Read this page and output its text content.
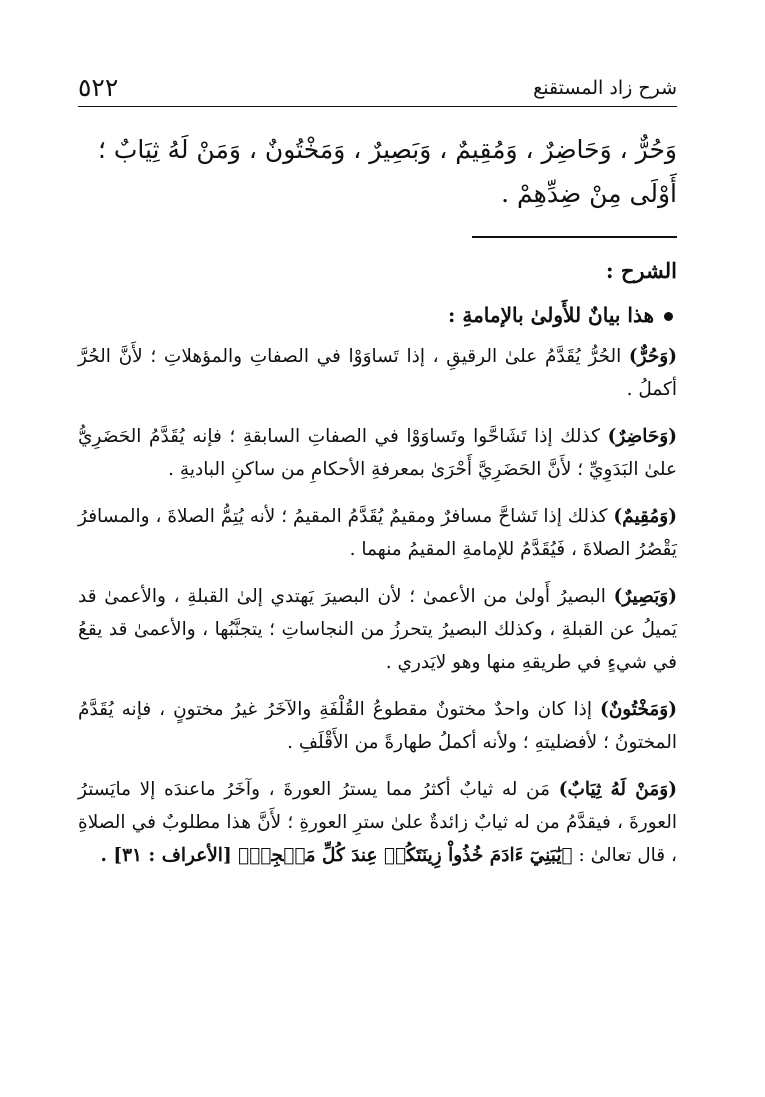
شرح زاد المستقنع
٥٢٢

وَحُرٌّ ، وَحَاضِرٌ ، وَمُقِيمٌ ، وَبَصِيرٌ ، وَمَخْتُونٌ ، وَمَنْ لَهُ ثِيَابٌ ؛
أَوْلَى مِنْ ضِدِّهِمْ .

الشرح :

هذا بيانٌ للأَولىٰ بالإمامةِ :

(وَحُرٌّ) الحُرُّ يُقَدَّمُ علىٰ الرقيقِ ، إذا تَساوَوْا في الصفاتِ والمؤهلاتِ ؛ لأَنَّ الحُرَّ أكملُ .

(وَحَاضِرٌ) كذلك إذا تَشَاحَّوا وتَساوَوْا في الصفاتِ السابقةِ ؛ فإنه يُقَدَّمُ الحَضَرِيُّ علىٰ البَدَوِيِّ ؛ لأَنَّ الحَضَرِيَّ أَحْرَىٰ بمعرفةِ الأحكامِ من ساكنِ الباديةِ .

(وَمُقِيمٌ) كذلك إذا تَشاحَّ مسافرٌ ومقيمٌ يُقَدَّمُ المقيمُ ؛ لأنه يُتِمُّ الصلاةَ ، والمسافرُ يَقْصُرُ الصلاةَ ، فَيُقَدَّمُ للإمامةِ المقيمُ منهما .

(وَبَصِيرٌ) البصيرُ أَولىٰ من الأعمىٰ ؛ لأن البصيرَ يَهتدي إلىٰ القبلةِ ، والأعمىٰ قد يَميلُ عن القبلةِ ، وكذلك البصيرُ يتحرزُ من النجاساتِ ؛ يتجنَّبُها ، والأعمىٰ قد يقعُ في شيءٍ في طريقهِ منها وهو لايَدري .

(وَمَخْتُونٌ) إذا كان واحدٌ مختونٌ مقطوعُ القُلْفَةِ والآخَرُ غيرُ مختونٍ ، فإنه يُقَدَّمُ المختونُ ؛ لأفضليتهِ ؛ ولأنه أكملُ طهارةً من الأَقْلَفِ .

(وَمَنْ لَهُ ثِيَابٌ) مَن له ثيابٌ أكثرُ مما يسترُ العورةَ ، وآخَرُ ماعندَه إلا مايَسترُ العورةَ ، فيقدَّمُ من له ثيابٌ زائدةٌ علىٰ سترِ العورةِ ؛ لأَنَّ هذا مطلوبٌ في الصلاةِ ، قال تعالىٰ : ﴿يَٰبَنِيٓ ءَادَمَ خُذُواْ زِينَتَكُمۡ عِندَ كُلِّ مَسۡجِدٖ﴾ [الأعراف : ٣١] .
